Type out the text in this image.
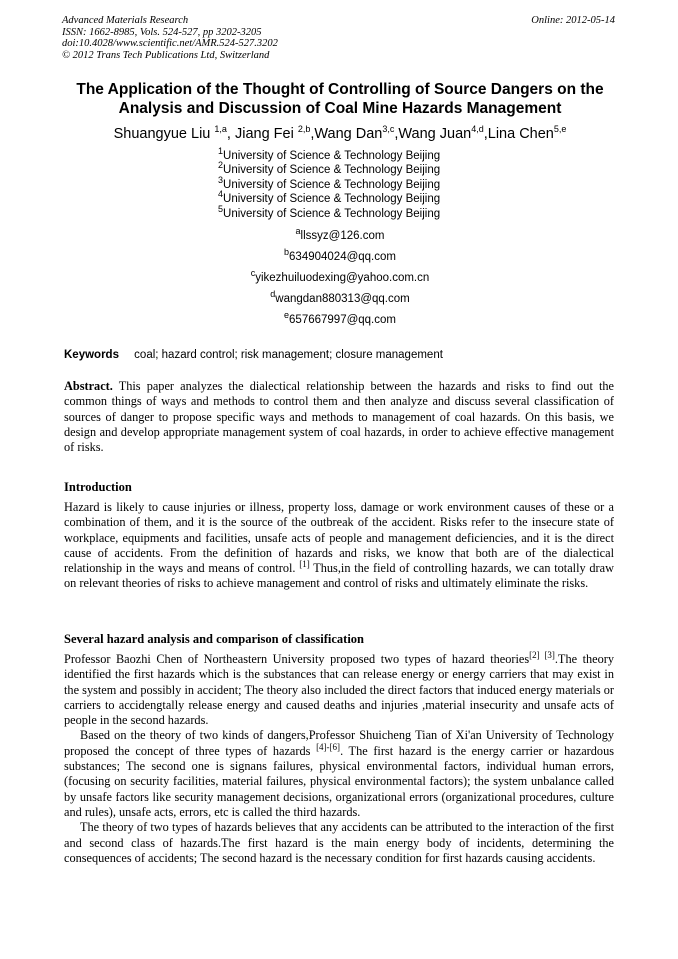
Advanced Materials Research
ISSN: 1662-8985, Vols. 524-527, pp 3202-3205
doi:10.4028/www.scientific.net/AMR.524-527.3202
© 2012 Trans Tech Publications Ltd, Switzerland
Online: 2012-05-14
The Application of the Thought of Controlling of Source Dangers on the
Analysis and Discussion of Coal Mine Hazards Management
Shuangyue Liu $^{1,a}$, Jiang Fei $^{2,b}$,Wang Dan$^{3,c}$,Wang Juan$^{4,d}$,Lina Chen$^{5,e}$
$^1$University of Science & Technology Beijing
$^2$University of Science & Technology Beijing
$^3$University of Science & Technology Beijing
$^4$University of Science & Technology Beijing
$^5$University of Science & Technology Beijing
$^a$llssyz@126.com
$^b$634904024@qq.com
$^c$yikezhuiluodexing@yahoo.com.cn
$^d$wangdan880313@qq.com
$^e$657667997@qq.com
Keywords coal; hazard control; risk management; closure management

Abstract. This paper analyzes the dialectical relationship between the hazards and risks to find out the common things of ways and methods to control them and then analyze and discuss several classification of sources of danger to propose specific ways and methods to management of coal hazards. On this basis, we design and develop appropriate management system of coal hazards, in order to achieve effective management of risks.

Introduction

Hazard is likely to cause injuries or illness, property loss, damage or work environment causes of these or a combination of them, and it is the source of the outbreak of the accident. Risks refer to the insecure state of workplace, equipments and facilities, unsafe acts of people and management deficiencies, and it is the direct cause of accidents. From the definition of hazards and risks, we know that both are of the dialectical relationship in the ways and means of control. [1] Thus,in the field of controlling hazards, we can totally draw on relevant theories of risks to achieve management and control of risks and ultimately eliminate the risks.

Several hazard analysis and comparison of classification

Professor Baozhi Chen of Northeastern University proposed two types of hazard theories[2] [3].The theory identified the first hazards which is the substances that can release energy or energy carriers that may exist in the system and possibly in accident; The theory also included the direct factors that induced energy materials or carriers to accidengtally release energy and caused deaths and injuries ,material insecurity and unsafe acts of people in the second hazards.

Based on the theory of two kinds of dangers,Professor Shuicheng Tian of Xi'an University of Technology proposed the concept of three types of hazards [4]-[6]. The first hazard is the energy carrier or hazardous substances; The second one is signans failures, physical environmental factors, individual human errors, (focusing on security facilities, material failures, physical environmental factors); the system unbalance called by unsafe factors like security management decisions, organizational errors (organizational procedures, culture and rules), unsafe acts, errors, etc is called the third hazards.

The theory of two types of hazards believes that any accidents can be attributed to the interaction of the first and second class of hazards.The first hazard is the main energy body of incidents, determining the consequences of accidents; The second hazard is the necessary condition for first hazards causing accidents.
